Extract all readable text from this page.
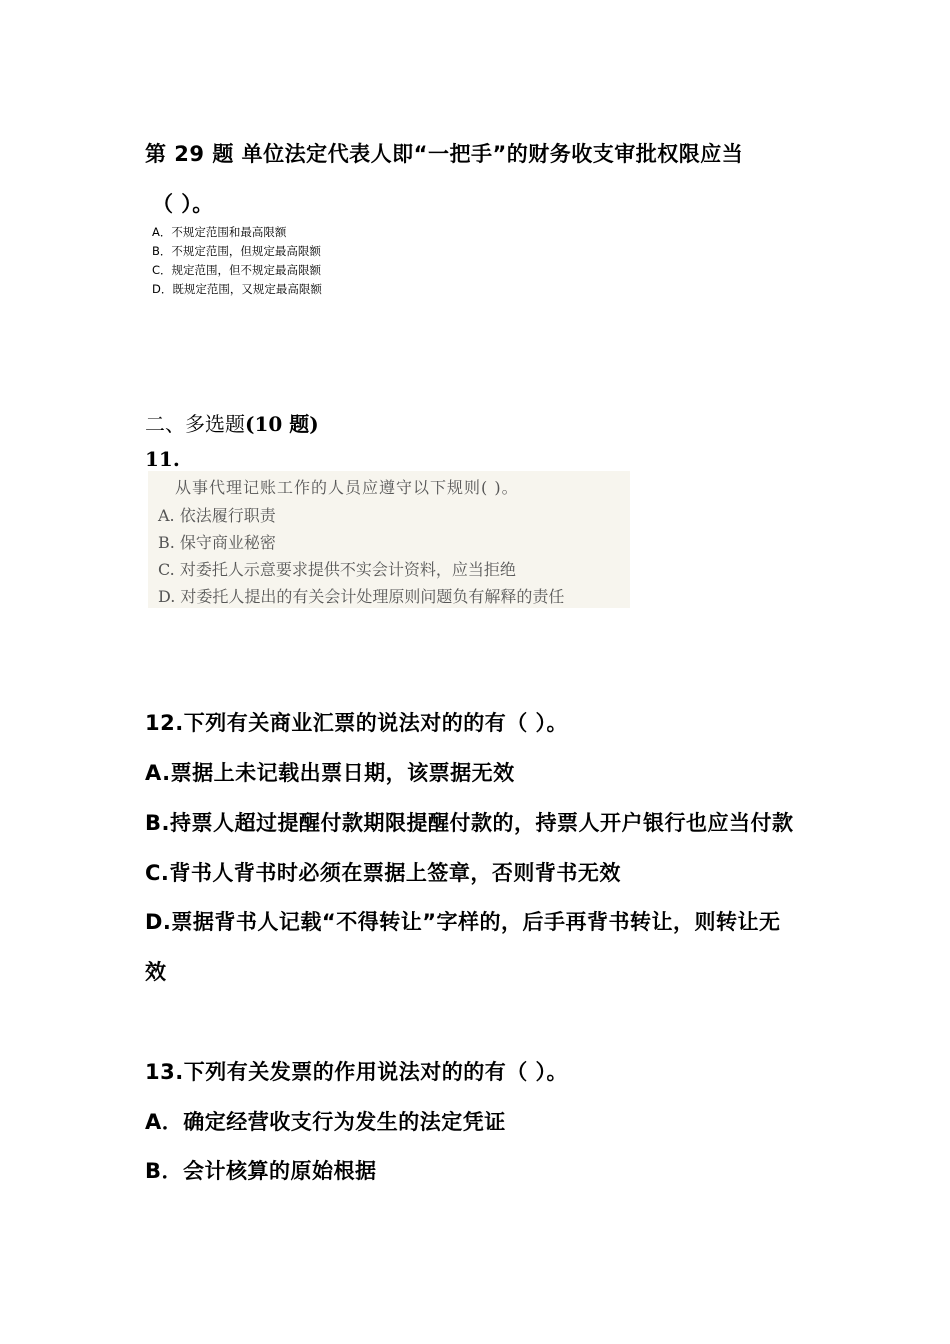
第 29 题 单位法定代表人即“一把手”的财务收支审批权限应当
（ ）。
A．不规定范围和最高限额
B．不规定范围，但规定最高限额
C．规定范围，但不规定最高限额
D．既规定范围，又规定最高限额
二、多选题(10 题)
11.
从事代理记账工作的人员应遵守以下规则( )。
A. 依法履行职责
B. 保守商业秘密
C. 对委托人示意要求提供不实会计资料，应当拒绝
D. 对委托人提出的有关会计处理原则问题负有解释的责任
12.下列有关商业汇票的说法对的的有（ ）。
A.票据上未记载出票日期，该票据无效
B.持票人超过提醒付款期限提醒付款的，持票人开户银行也应当付款
C.背书人背书时必须在票据上签章，否则背书无效
D.票据背书人记载“不得转让”字样的，后手再背书转让，则转让无
效
13.下列有关发票的作用说法对的的有（ ）。
A．确定经营收支行为发生的法定凭证
B．会计核算的原始根据
